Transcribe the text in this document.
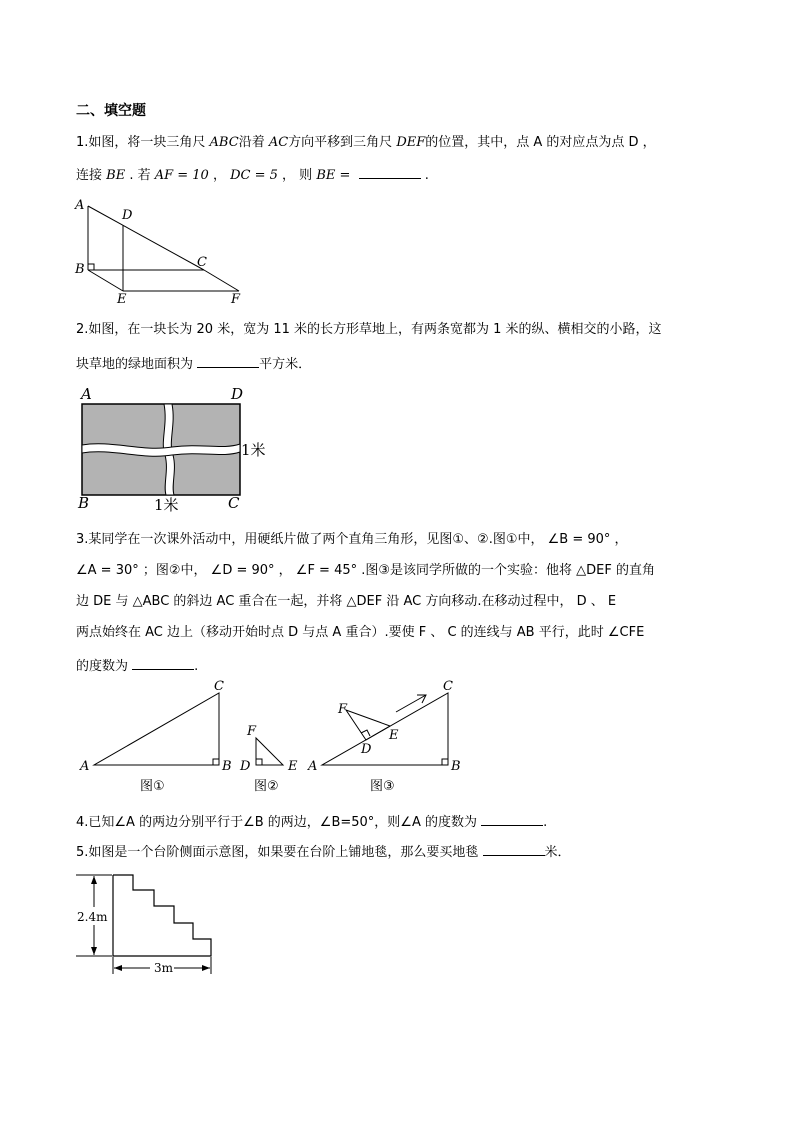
二、填空题
1.如图，将一块三角尺 ABC沿着 AC方向平移到三角尺 DEF的位置，其中，点 A 的对应点为点 D ，
连接 BE . 若 AF = 10 ， DC = 5 ， 则 BE =	.
A
D
B	C
E	F
2.如图，在一块长为 20 米，宽为 11 米的长方形草地上，有两条宽都为 1 米的纵、横相交的小路，这
块草地的绿地面积为	平方米．
A	D
B	C
1米
1米
3.某同学在一次课外活动中，用硬纸片做了两个直角三角形，见图①、②.图①中， ∠B = 90° ，
∠A = 30° ；图②中， ∠D = 90° ， ∠F = 45° .图③是该同学所做的一个实验：他将 △DEF 的直角
边 DE 与 △ABC 的斜边 AC 重合在一起，并将 △DEF 沿 AC 方向移动.在移动过程中， D 、 E
两点始终在 AC 边上（移动开始时点 D 与点 A 重合）.要使 F 、 C 的连线与 AB 平行，此时 ∠CFE
的度数为	.
A	B
C
图①
F
D	E
图②
A	B
C
D
E
F
图③
4.已知∠A 的两边分别平行于∠B 的两边，∠B=50°，则∠A 的度数为	.
5.如图是一个台阶侧面示意图，如果要在台阶上铺地毯，那么要买地毯	米．
2.4m
3m
